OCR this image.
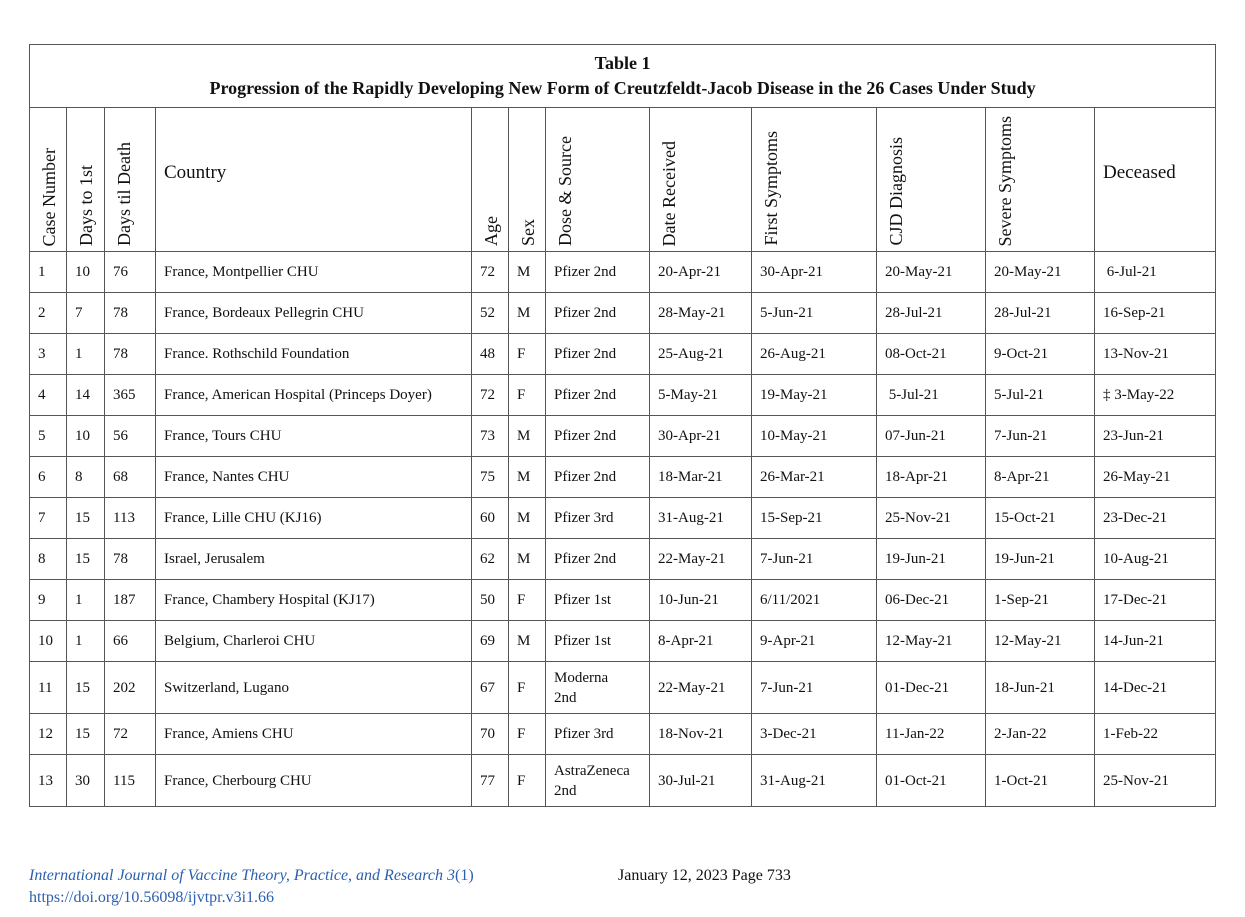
Table 1
Progression of the Rapidly Developing New Form of Creutzfeldt-Jacob Disease in the 26 Cases Under Study											

Case Number	Days to 1st	Days til Death	Country	Age	Sex	Dose & Source	Date Received	First Symptoms	CJD Diagnosis	Severe Symptoms	Deceased

1	10	76	France, Montpellier CHU	72	M	Pfizer 2nd	20-Apr-21	30-Apr-21	20-May-21	20-May-21	6-Jul-21
2	7	78	France, Bordeaux Pellegrin CHU	52	M	Pfizer 2nd	28-May-21	5-Jun-21	28-Jul-21	28-Jul-21	16-Sep-21
3	1	78	France. Rothschild Foundation	48	F	Pfizer 2nd	25-Aug-21	26-Aug-21	08-Oct-21	9-Oct-21	13-Nov-21
4	14	365	France, American Hospital (Princeps Doyer)	72	F	Pfizer 2nd	5-May-21	19-May-21	5-Jul-21	5-Jul-21	‡ 3-May-22
5	10	56	France, Tours CHU	73	M	Pfizer 2nd	30-Apr-21	10-May-21	07-Jun-21	7-Jun-21	23-Jun-21
6	8	68	France, Nantes CHU	75	M	Pfizer 2nd	18-Mar-21	26-Mar-21	18-Apr-21	8-Apr-21	26-May-21
7	15	113	France, Lille CHU (KJ16)	60	M	Pfizer 3rd	31-Aug-21	15-Sep-21	25-Nov-21	15-Oct-21	23-Dec-21
8	15	78	Israel, Jerusalem	62	M	Pfizer 2nd	22-May-21	7-Jun-21	19-Jun-21	19-Jun-21	10-Aug-21
9	1	187	France, Chambery Hospital (KJ17)	50	F	Pfizer 1st	10-Jun-21	6/11/2021	06-Dec-21	1-Sep-21	17-Dec-21
10	1	66	Belgium, Charleroi CHU	69	M	Pfizer 1st	8-Apr-21	9-Apr-21	12-May-21	12-May-21	14-Jun-21
11	15	202	Switzerland, Lugano	67	F	Moderna 2nd	22-May-21	7-Jun-21	01-Dec-21	18-Jun-21	14-Dec-21
12	15	72	France, Amiens CHU	70	F	Pfizer 3rd	18-Nov-21	3-Dec-21	11-Jan-22	2-Jan-22	1-Feb-22
13	30	115	France, Cherbourg CHU	77	F	AstraZeneca 2nd	30-Jul-21	31-Aug-21	01-Oct-21	1-Oct-21	25-Nov-21
International Journal of Vaccine Theory, Practice, and Research 3(1)
https://doi.org/10.56098/ijvtpr.v3i1.66
January 12, 2023 Page 733
